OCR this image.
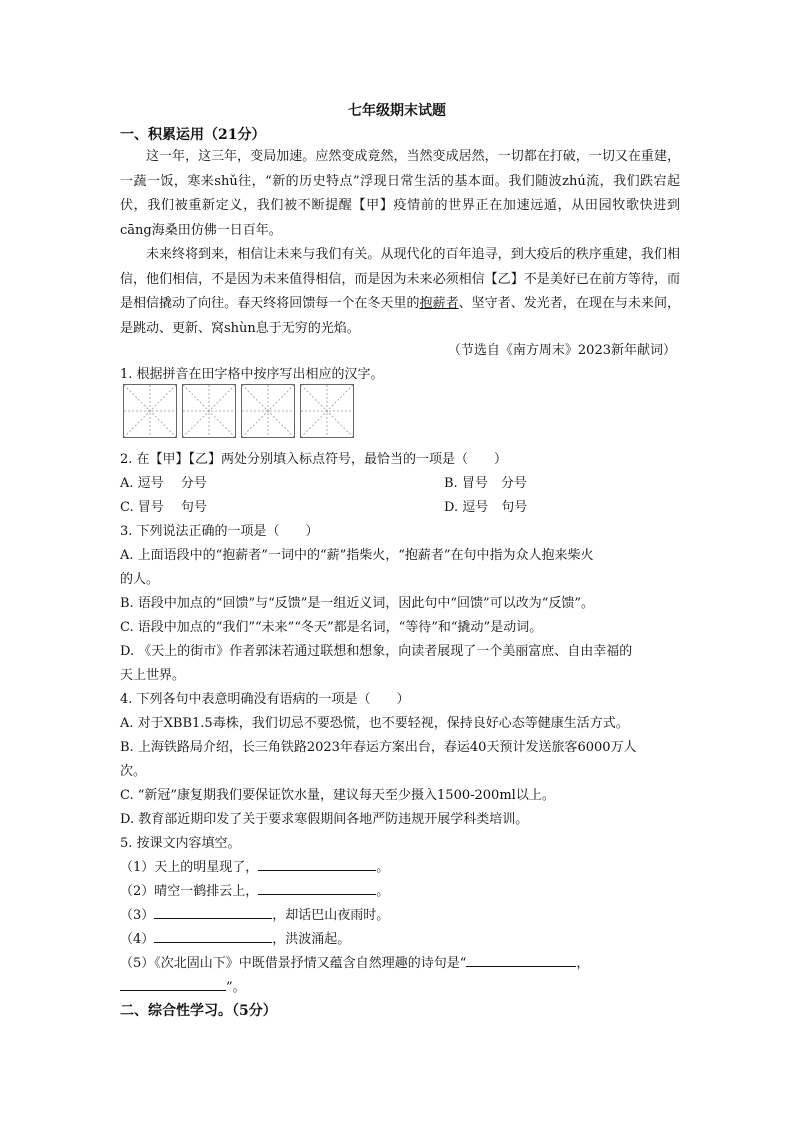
七年级期末试题
一、积累运用（21分）

这一年，这三年，变局加速。应然变成竟然，当然变成居然，一切都在打破，一切又在重建，一蔬一饭，寒来shǔ往，“新的历史特点”浮现日常生活的基本面。我们随波zhú流，我们跌宕起伏，我们被重新定义，我们被不断提醒【甲】疫情前的世界正在加速远遁，从田园牧歌快进到cāng海桑田仿佛一日百年。

未来终将到来，相信让未来与我们有关。从现代化的百年追寻，到大疫后的秩序重建，我们相信，他们相信，不是因为未来值得相信，而是因为未来必须相信【乙】不是美好已在前方等待，而是相信撬动了向往。春天终将回馈每一个在冬天里的抱薪者、坚守者、发光者，在现在与未来间，是跳动、更新、窝shùn息于无穷的光焰。

（节选自《南方周末》2023新年献词）
1. 根据拼音在田字格中按序写出相应的汉字。
2. 在【甲】【乙】两处分别填入标点符号，最恰当的一项是（　　）
A. 逗号　 分号	B. 冒号　分号
C. 冒号　 句号	D. 逗号　句号
3. 下列说法正确的一项是（　　）
A. 上面语段中的“抱薪者”一词中的“薪”指柴火，“抱薪者”在句中指为众人抱来柴火
的人。
B. 语段中加点的“回馈”与“反馈”是一组近义词，因此句中“回馈”可以改为“反馈”。
C. 语段中加点的“我们”“未来”“冬天”都是名词，“等待”和“撬动”是动词。
D. 《天上的街市》作者郭沫若通过联想和想象，向读者展现了一个美丽富庶、自由幸福的
天上世界。
4. 下列各句中表意明确没有语病的一项是（　　）
A. 对于XBB1.5毒株，我们切忌不要恐慌，也不要轻视，保持良好心态等健康生活方式。
B. 上海铁路局介绍，长三角铁路2023年春运方案出台，春运40天预计发送旅客6000万人
次。
C. “新冠”康复期我们要保证饮水量，建议每天至少摄入1500-200ml以上。
D. 教育部近期印发了关于要求寒假期间各地严防违规开展学科类培训。
5. 按课文内容填空。
（1）天上的明星现了，	。
（2）晴空一鹤排云上，	。
（3）	，却话巴山夜雨时。
（4）	，洪波涌起。
（5）《次北固山下》中既借景抒情又蕴含自然理趣的诗句是“	，
”。
二、综合性学习。（5分）
